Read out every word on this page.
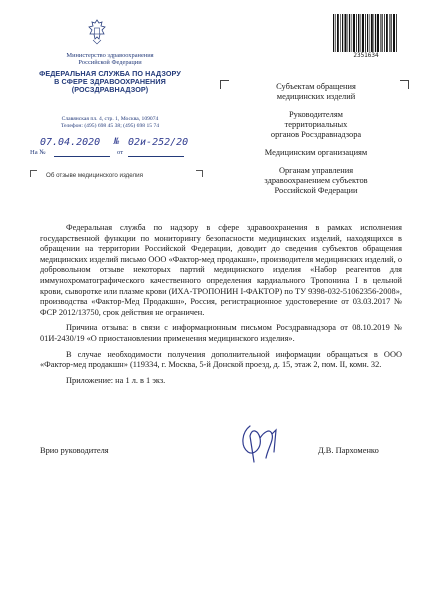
Министерство здравоохранения
Российской Федерации
ФЕДЕРАЛЬНАЯ СЛУЖБА ПО НАДЗОРУ
В СФЕРЕ ЗДРАВООХРАНЕНИЯ
(РОСЗДРАВНАДЗОР)
Славянская пл. 4, стр. 1, Москва, 109074
Телефон: (495) 698 45 38; (495) 698 15 74
07.04.2020 № 02и-252/20
На №	от
Об отзыве медицинского изделия
2351634
Субъектам обращения
медицинских изделий
Руководителям
территориальных
органов Росздравнадзора
Медицинским организациям
Органам управления
здравоохранением субъектов
Российской Федерации

Федеральная служба по надзору в сфере здравоохранения в рамках исполнения государственной функции по мониторингу безопасности медицинских изделий, находящихся в обращении на территории Российской Федерации, доводит до сведения субъектов обращения медицинских изделий письмо ООО «Фактор-мед продакшн», производителя медицинских изделий, о добровольном отзыве некоторых партий медицинского изделия «Набор реагентов для иммунохроматографического качественного определения кардиального Тропонина I в цельной крови, сыворотке или плазме крови (ИХА-ТРОПОНИН I-ФАКТОР) по ТУ 9398-032-51062356-2008», производства «Фактор-Мед Продакшн», Россия, регистрационное удостоверение от 03.03.2017 № ФСР 2012/13750, срок действия не ограничен.

Причина отзыва: в связи с информационным письмом Росздравнадзора от 08.10.2019 № 01И-2430/19 «О приостановлении применения медицинского изделия».

В случае необходимости получения дополнительной информации обращаться в ООО «Фактор-мед продакшн» (119334, г. Москва, 5-й Донской проезд, д. 15, этаж 2, пом. II, комн. 32.

Приложение: на 1 л. в 1 экз.

Врио руководителя	Д.В. Пархоменко
